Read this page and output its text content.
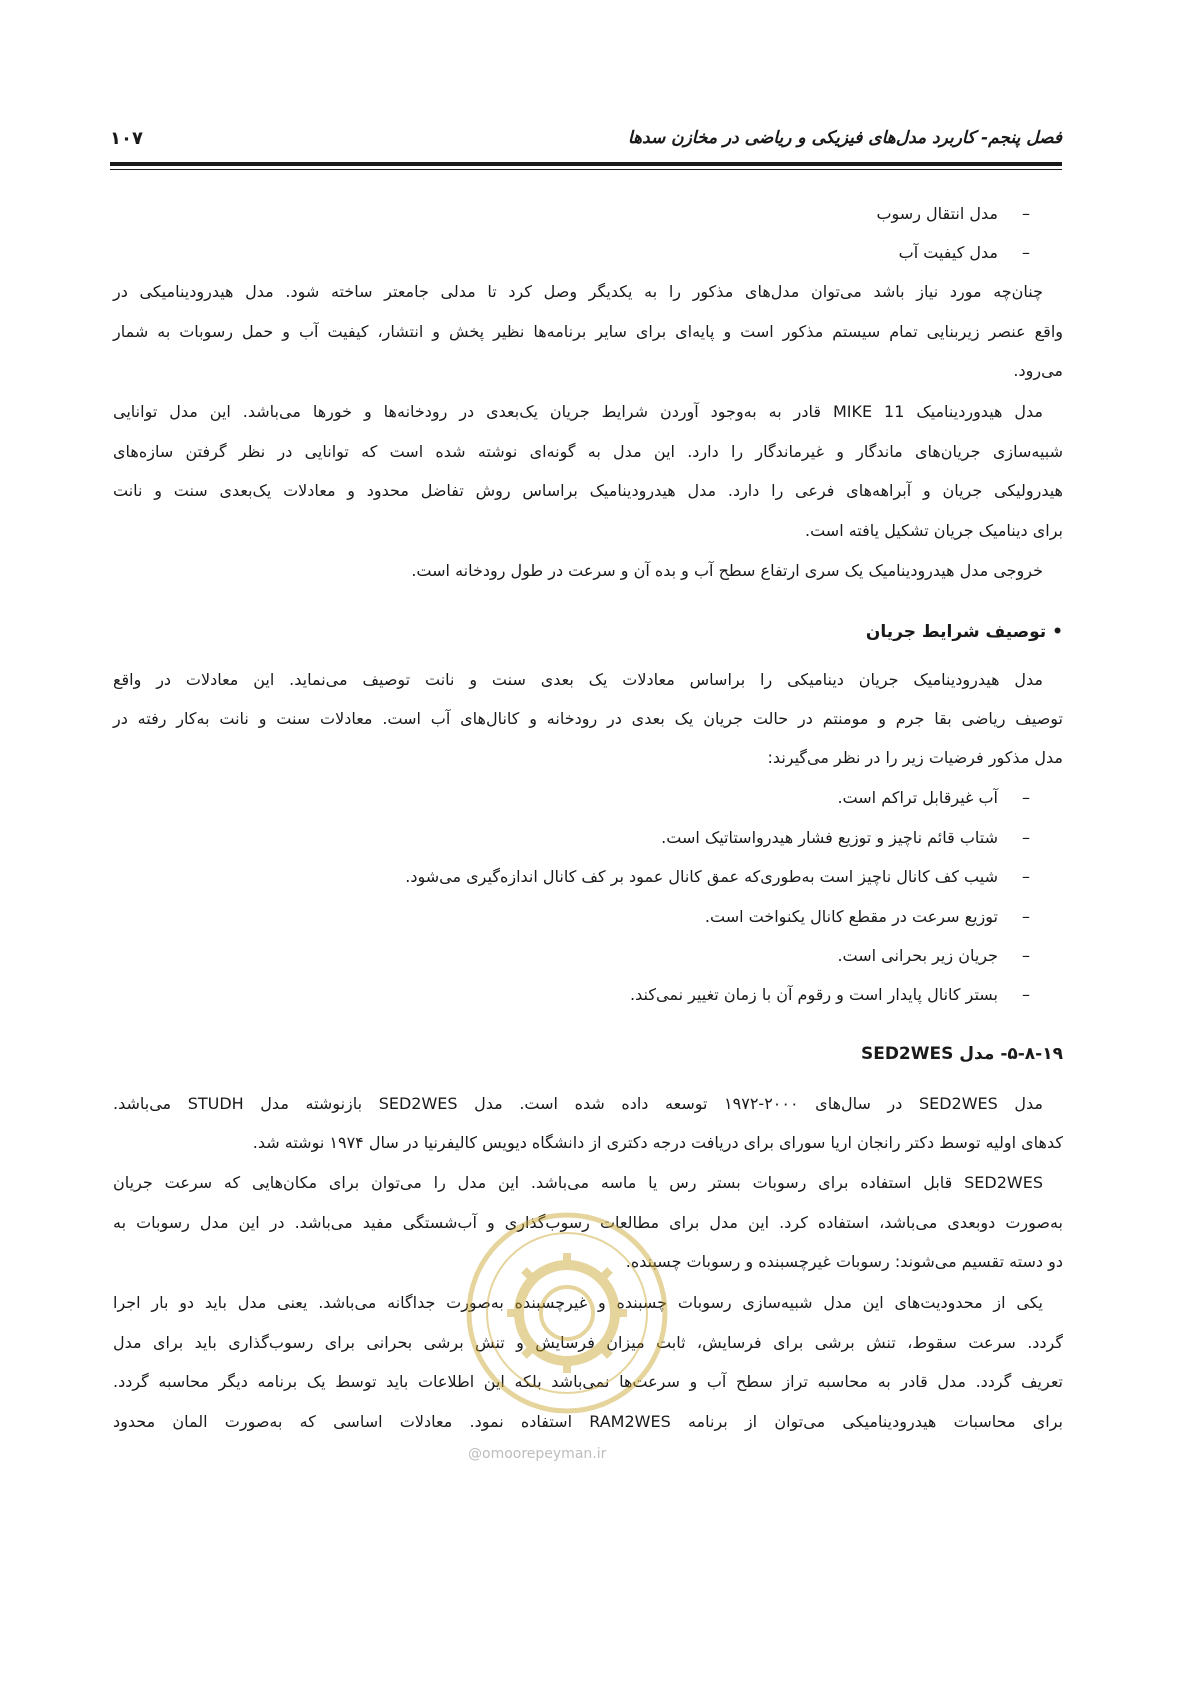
فصل پنجم- کاربرد مدل‌های فیزیکی و ریاضی در مخازن سدها
۱۰۷
–
مدل انتقال رسوب
–
مدل کیفیت آب
چنان‌چه مورد نیاز باشد می‌توان مدل‌های مذکور را به یکدیگر وصل کرد تا مدلی جامعتر ساخته شود. مدل هیدرودینامیکی در
واقع عنصر زیربنایی تمام سیستم مذکور است و پایه‌ای برای سایر برنامه‌ها نظیر پخش و انتشار، کیفیت آب و حمل رسوبات به شمار
می‌رود.
مدل هیدوردینامیک MIKE 11 قادر به به‌وجود آوردن شرایط جریان یک‌بعدی در رودخانه‌ها و خورها می‌باشد. این مدل توانایی
شبیه‌سازی جریان‌های ماندگار و غیرماندگار را دارد. این مدل به گونه‌ای نوشته شده است که توانایی در نظر گرفتن سازه‌های
هیدرولیکی جریان و آبراهه‌های فرعی را دارد. مدل هیدرودینامیک براساس روش تفاضل محدود و معادلات یک‌بعدی سنت و نانت
برای دینامیک جریان تشکیل یافته است.
خروجی مدل هیدرودینامیک یک سری ارتفاع سطح آب و بده آن و سرعت در طول رودخانه است.
• توصیف شرایط جریان
مدل هیدرودینامیک جریان دینامیکی را براساس معادلات یک بعدی سنت و نانت توصیف می‌نماید. این معادلات در واقع
توصیف ریاضی بقا جرم و مومنتم در حالت جریان یک بعدی در رودخانه و کانال‌های آب است. معادلات سنت و نانت به‌کار رفته در
مدل مذکور فرضیات زیر را در نظر می‌گیرند:
–
آب غیرقابل تراکم است.
–
شتاب قائم ناچیز و توزیع فشار هیدرواستاتیک است.
–
شیب کف کانال ناچیز است به‌طوری‌که عمق کانال عمود بر کف کانال اندازه‌گیری می‌شود.
–
توزیع سرعت در مقطع کانال یکنواخت است.
–
جریان زیر بحرانی است.
–
بستر کانال پایدار است و رقوم آن با زمان تغییر نمی‌کند.
۵-۸-۱۹- مدل SED2WES
مدل SED2WES در سال‌های ۲۰۰۰-۱۹۷۲ توسعه داده شده است. مدل SED2WES بازنوشته مدل STUDH می‌باشد.
کدهای اولیه توسط دکتر رانجان اریا سورای برای دریافت درجه دکتری از دانشگاه دیویس کالیفرنیا در سال ۱۹۷۴ نوشته شد.
SED2WES قابل استفاده برای رسوبات بستر رس یا ماسه می‌باشد. این مدل را می‌توان برای مکان‌هایی که سرعت جریان
به‌صورت دوبعدی می‌باشد، استفاده کرد. این مدل برای مطالعات رسوب‌گذاری و آب‌شستگی مفید می‌باشد. در این مدل رسوبات به
دو دسته تقسیم می‌شوند: رسوبات غیرچسبنده و رسوبات چسبنده.
یکی از محدودیت‌های این مدل شبیه‌سازی رسوبات چسبنده و غیرچسبنده به‌صورت جداگانه می‌باشد. یعنی مدل باید دو بار اجرا
گردد. سرعت سقوط، تنش برشی برای فرسایش، ثابت میزان فرسایش و تنش برشی بحرانی برای رسوب‌گذاری باید برای مدل
تعریف گردد. مدل قادر به محاسبه تراز سطح آب و سرعت‌ها نمی‌باشد بلکه این اطلاعات باید توسط یک برنامه دیگر محاسبه گردد.
برای محاسبات هیدرودینامیکی می‌توان از برنامه RAM2WES استفاده نمود. معادلات اساسی که به‌صورت المان محدود
@omoorepeyman.ir
